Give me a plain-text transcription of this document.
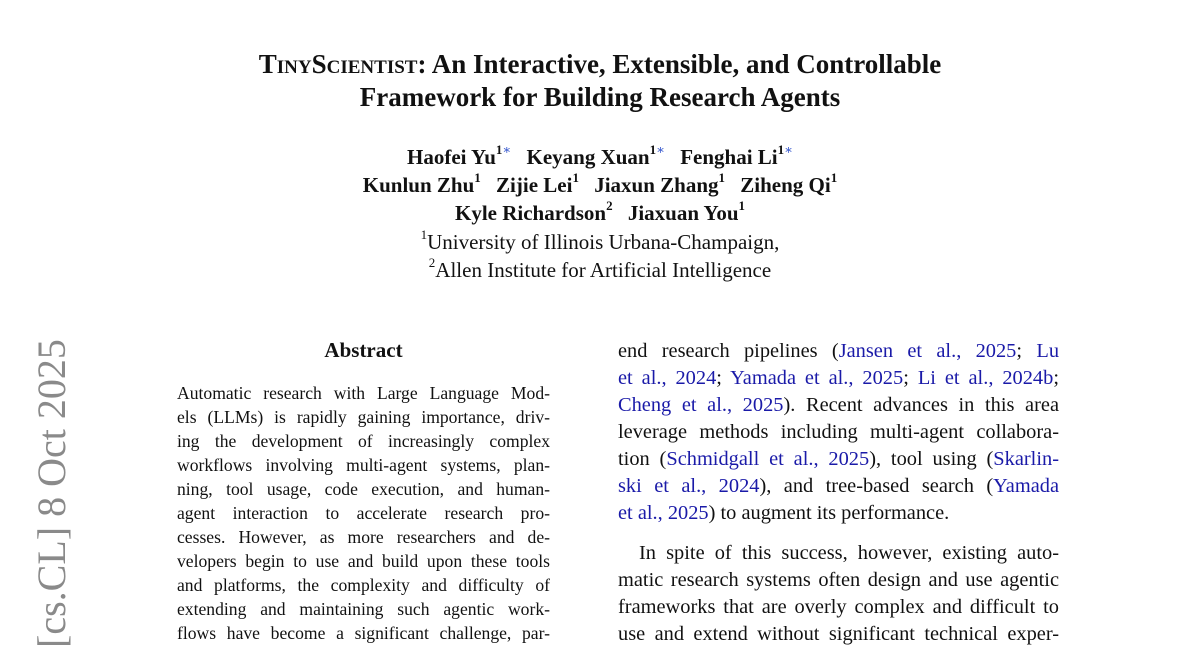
TinyScientist: An Interactive, Extensible, and Controllable
Framework for Building Research Agents
Haofei $Yu^{1∗}$ Keyang Xuan$^{1∗}$ Fenghai $Li^{1∗}$
Kunlun Zhu$^1$ Zijie Lei$^1$ Jiaxun Zhang$^1$ Ziheng Qi$^1$
Kyle Richardson$^2$ Jiaxuan You$^1$
$^1$University of Illinois Urbana-Champaign,
$^2$Allen Institute for Artificial Intelligence
Abstract
Automatic research with Large Language Mod-
els (LLMs) is rapidly gaining importance, driv-
ing the development of increasingly complex
workflows involving multi-agent systems, plan-
ning, tool usage, code execution, and human-
agent interaction to accelerate research pro-
cesses. However, as more researchers and de-
velopers begin to use and build upon these tools
and platforms, the complexity and difficulty of
extending and maintaining such agentic work-
flows have become a significant challenge, par-
end research pipelines (Jansen et al., 2025; Lu
et al., 2024; Yamada et al., 2025; Li et al., 2024b;
Cheng et al., 2025). Recent advances in this area
leverage methods including multi-agent collabora-
tion (Schmidgall et al., 2025), tool using (Skarlin-
ski et al., 2024), and tree-based search (Yamada
et al., 2025) to augment its performance.
In spite of this success, however, existing auto-
matic research systems often design and use agentic
frameworks that are overly complex and difficult to
use and extend without significant technical exper-
[cs.CL] 8 Oct 2025
